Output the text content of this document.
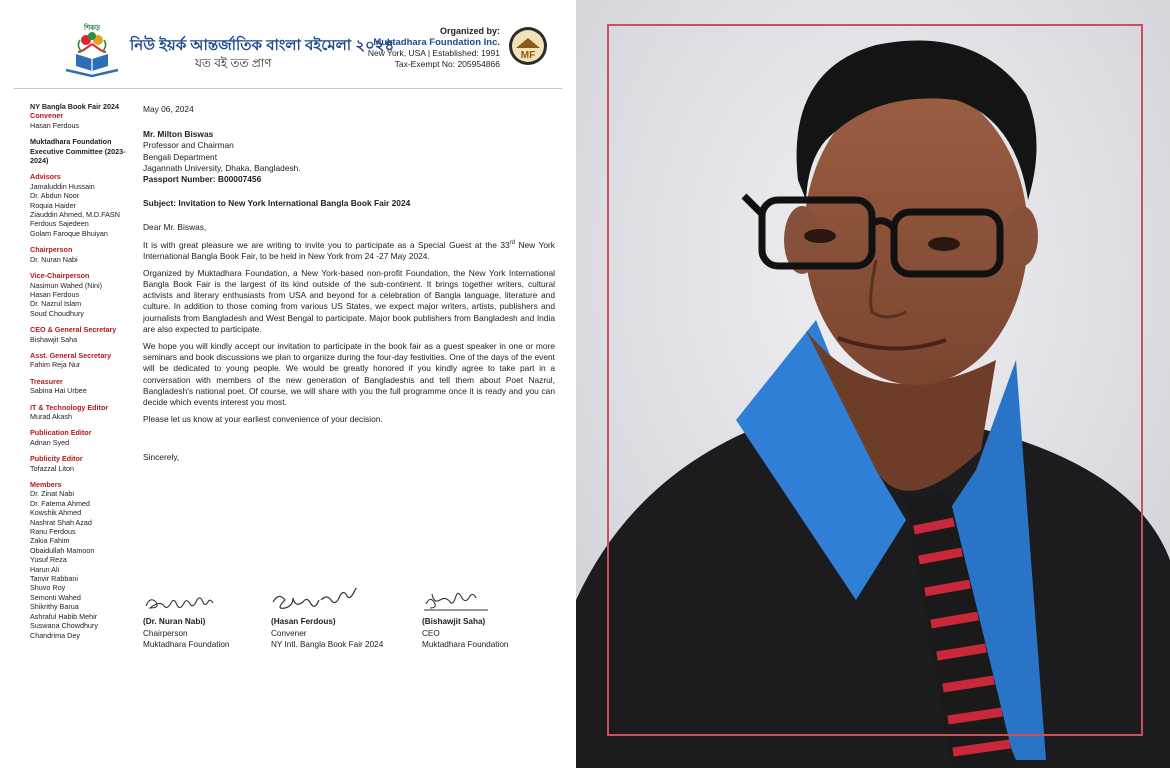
শিকড়
নিউ ইয়র্ক আন্তর্জাতিক বাংলা বইমেলা ২০২৪
যত বই তত প্রাণ
Organized by:
Muktadhara Foundation Inc.
New York, USA | Established: 1991
Tax-Exempt No: 205954866
MF
NY Bangla Book Fair 2024
Convener
Hasan Ferdous
Muktadhara Foundation Executive Committee (2023-2024)
Advisors
Jamaluddin Hussain
Dr. Abdun Noor
Roquia Haider
Ziauddin Ahmed, M.D.FASN
Ferdous Sajedeen
Golam Faroque Bhuiyan
Chairperson
Dr. Nuran Nabi
Vice-Chairperson
Nasimun Wahed (Nini)
Hasan Ferdous
Dr. Nazrul Islam
Soud Choudhury
CEO & General Secretary
Bishawjit Saha
Asst. General Secretary
Fahim Reja Nur
Treasurer
Sabina Hai Urbee
IT & Technology Editor
Murad Akash
Publication Editor
Adnan Syed
Publicity Editor
Tofazzal Liton
Members
Dr. Zinat Nabi
Dr. Fatema Ahmed
Kowshik Ahmed
Nashrat Shah Azad
Ranu Ferdous
Zakia Fahim
Obaidullah Mamoon
Yusuf Reza
Harun Ali
Tanvir Rabbani
Shuvo Roy
Semonti Wahed
Shikrithy Barua
Ashraful Habib Mehir
Suswana Chowdhury
Chandrima Dey

May 06, 2024

Mr. Milton Biswas

Professor and Chairman

Bengali Department

Jagannath University, Dhaka, Bangladesh.

Passport Number: B00007456

Subject: Invitation to New York International Bangla Book Fair 2024

Dear Mr. Biswas,

It is with great pleasure we are writing to invite you to participate as a Special Guest at the 33rd New York International Bangla Book Fair, to be held in New York from 24 -27 May 2024.

Organized by Muktadhara Foundation, a New York-based non-profit Foundation, the New York International Bangla Book Fair is the largest of its kind outside of the sub-continent. It brings together writers, cultural activists and literary enthusiasts from USA and beyond for a celebration of Bangla language, literature and culture. In addition to those coming from various US States, we expect major writers, artists, publishers and journalists from Bangladesh and West Bengal to participate. Major book publishers from Bangladesh and India are also expected to participate.

We hope you will kindly accept our invitation to participate in the book fair as a guest speaker in one or more seminars and book discussions we plan to organize during the four-day festivities. One of the days of the event will be dedicated to young people. We would be greatly honored if you kindly agree to take part in a conversation with members of the new generation of Bangladeshis and tell them about Poet Nazrul, Bangladesh's national poet. Of course, we will share with you the full programme once it is ready and you can decide which events interest you most.

Please let us know at your earliest convenience of your decision.

Sincerely,

(Dr. Nuran Nabi)
Chairperson
Muktadhara Foundation
(Hasan Ferdous)
Convener
NY Intl. Bangla Book Fair 2024
(Bishawjit Saha)
CEO
Muktadhara Foundation
